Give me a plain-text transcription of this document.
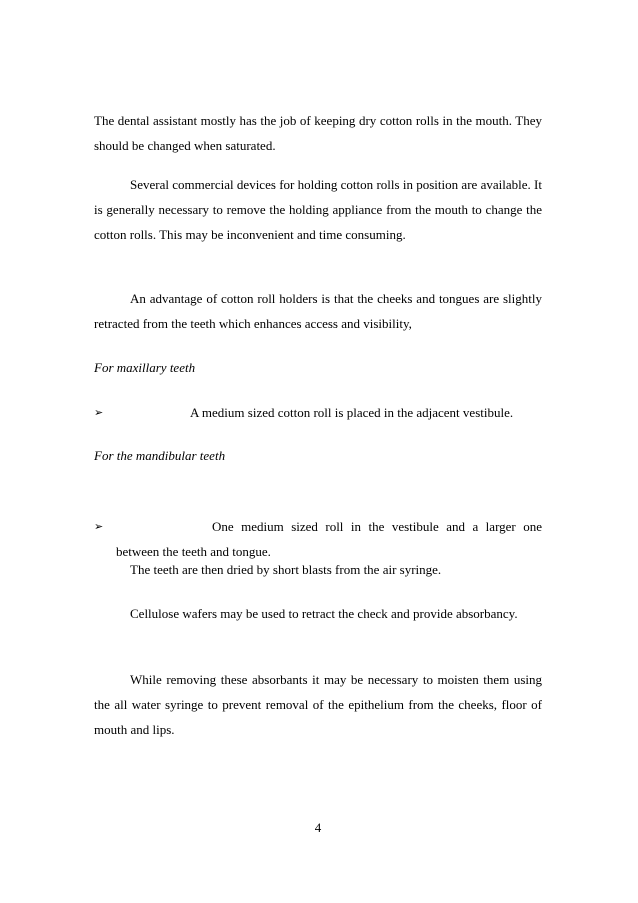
The dental assistant mostly has the job of keeping dry cotton rolls in the mouth. They should be changed when saturated.

Several commercial devices for holding cotton rolls in position are available. It is generally necessary to remove the holding appliance from the mouth to change the cotton rolls. This may be inconvenient and time consuming.

An advantage of cotton roll holders is that the cheeks and tongues are slightly retracted from the teeth which enhances access and visibility,

For maxillary teeth

➢	A medium sized cotton roll is placed in the adjacent vestibule.

For the mandibular teeth

➢	One medium sized roll in the vestibule and a larger one between the teeth and tongue.

The teeth are then dried by short blasts from the air syringe.

Cellulose wafers may be used to retract the check and provide absorbancy.

While removing these absorbants it may be necessary to moisten them using the all water syringe to prevent removal of the epithelium from the cheeks, floor of mouth and lips.

4
